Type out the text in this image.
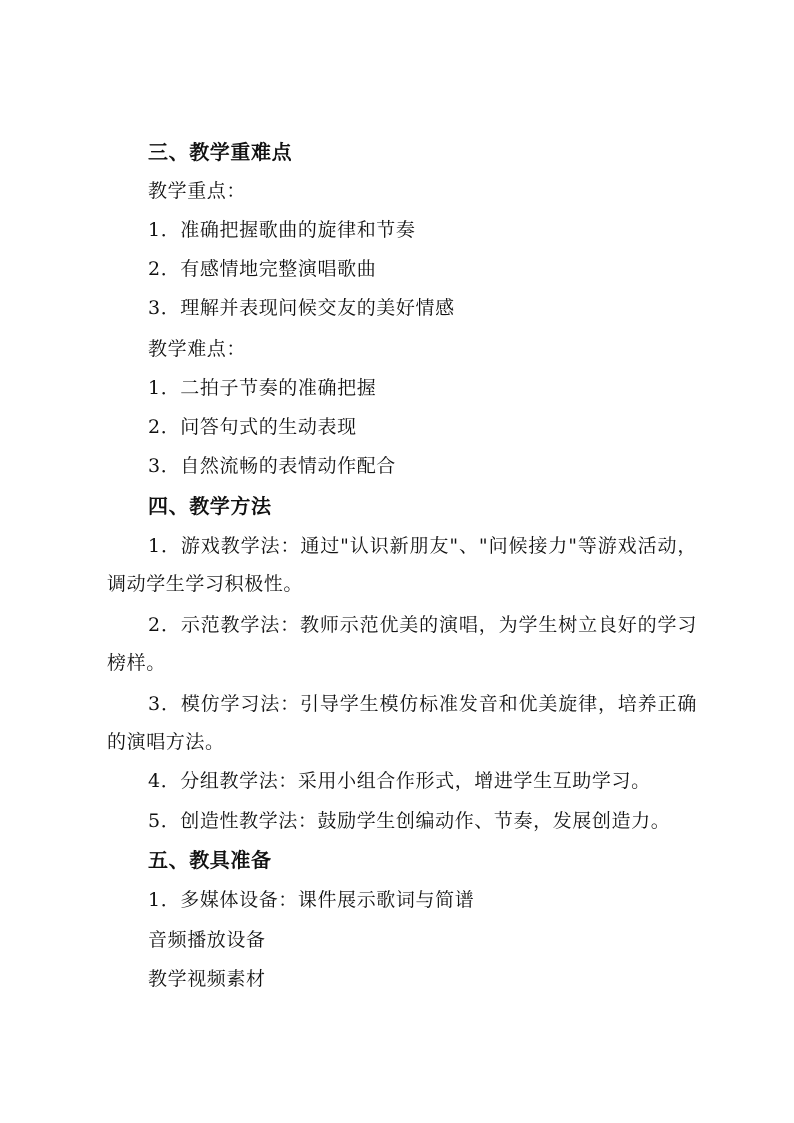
三、教学重难点
教学重点：
1．准确把握歌曲的旋律和节奏
2．有感情地完整演唱歌曲
3．理解并表现问候交友的美好情感
教学难点：
1．二拍子节奏的准确把握
2．问答句式的生动表现
3．自然流畅的表情动作配合
四、教学方法
1．游戏教学法：通过"认识新朋友"、"问候接力"等游戏活动，调动学生学习积极性。
2．示范教学法：教师示范优美的演唱，为学生树立良好的学习榜样。
3．模仿学习法：引导学生模仿标准发音和优美旋律，培养正确的演唱方法。
4．分组教学法：采用小组合作形式，增进学生互助学习。
5．创造性教学法：鼓励学生创编动作、节奏，发展创造力。
五、教具准备
1．多媒体设备：课件展示歌词与简谱
音频播放设备
教学视频素材
